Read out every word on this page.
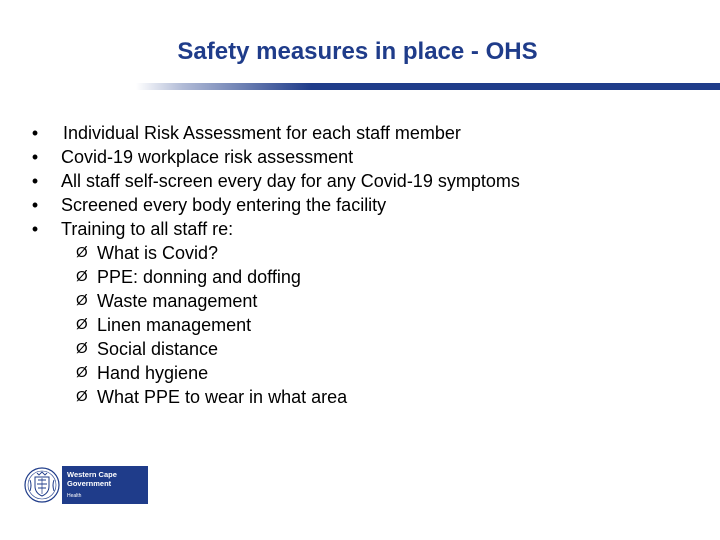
Safety measures in place - OHS
• Individual Risk Assessment for each staff member
• Covid-19 workplace risk assessment
• All staff self-screen every day for any Covid-19 symptoms
• Screened every body entering the facility
• Training to all staff re:
Ø What is Covid?
Ø PPE: donning and doffing
Ø Waste management
Ø Linen management
Ø Social distance
Ø Hand hygiene
Ø What PPE to wear in what area
Western Cape
Government
Health
